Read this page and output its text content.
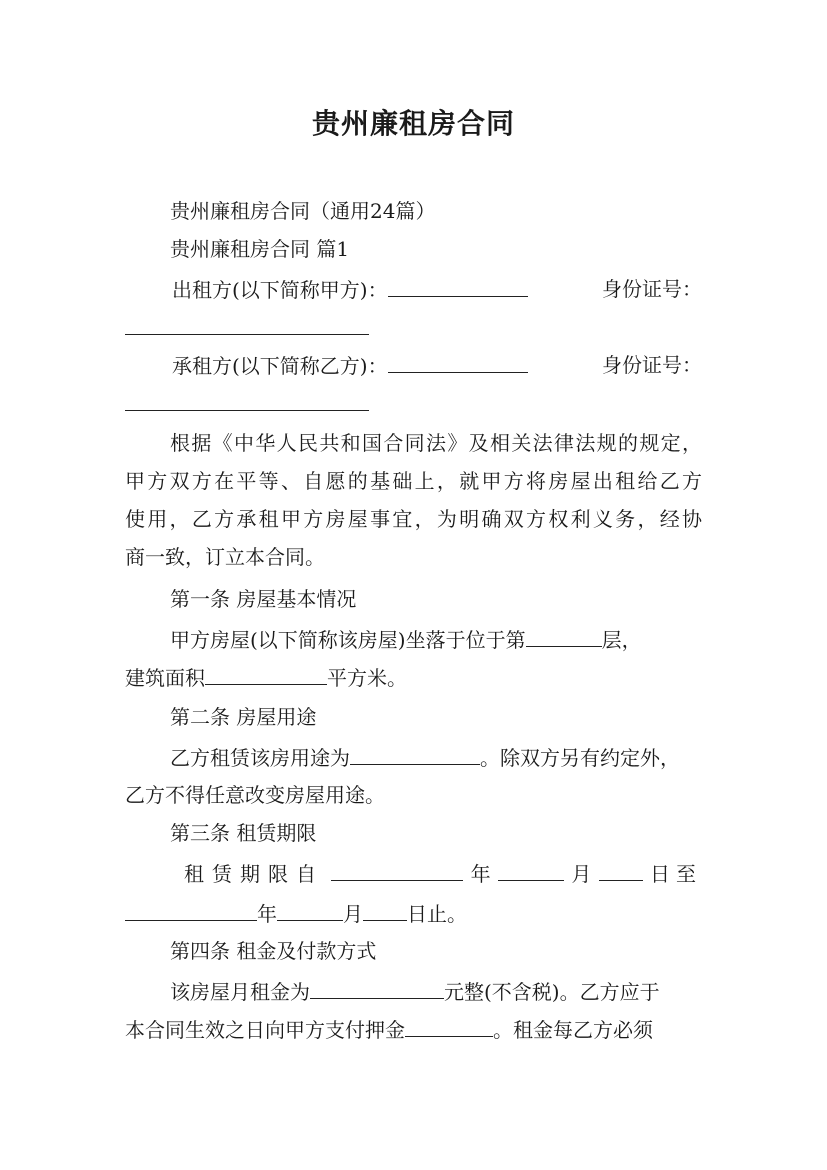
贵州廉租房合同
贵州廉租房合同（通用24篇）
贵州廉租房合同 篇1
出租方(以下简称甲方)：	身份证号：
承租方(以下简称乙方)：	身份证号：
根据《中华人民共和国合同法》及相关法律法规的规定，
甲方双方在平等、自愿的基础上，就甲方将房屋出租给乙方
使用，乙方承租甲方房屋事宜，为明确双方权利义务，经协
商一致，订立本合同。
第一条 房屋基本情况
甲方房屋(以下简称该房屋)坐落于位于第	层，
建筑面积	平方米。
第二条 房屋用途
乙方租赁该房用途为	。除双方另有约定外，
乙方不得任意改变房屋用途。
第三条 租赁期限
租赁期限自	年	月	日至
年	月 日止。
第四条 租金及付款方式
该房屋月租金为	元整(不含税)。乙方应于
本合同生效之日向甲方支付押金	。租金每乙方必须
